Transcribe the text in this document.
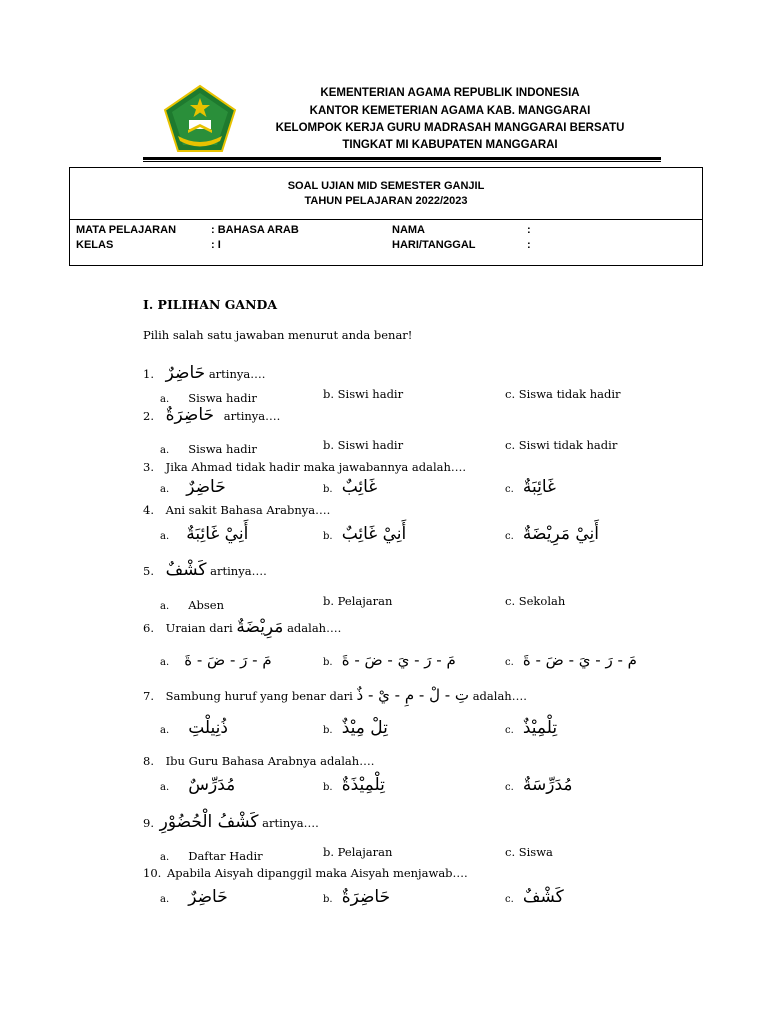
KEMENTERIAN AGAMA REPUBLIK INDONESIA
KANTOR KEMETERIAN AGAMA KAB. MANGGARAI
KELOMPOK KERJA GURU MADRASAH MANGGARAI BERSATU
TINGKAT MI KABUPATEN MANGGARAI
SOAL UJIAN MID SEMESTER GANJIL
TAHUN PELAJARAN 2022/2023
MATA PELAJARAN	: BAHASA ARAB	NAMA	:
KELAS	: I	HARI/TANGGAL	:
I. PILIHAN GANDA
Pilih salah satu jawaban menurut anda benar!
1. حَاضِرٌ artinya….
a. Siswa hadir	b. Siswi hadir	c. Siswa tidak hadir
2. حَاضِرَةٌ artinya….
a. Siswa hadir	b. Siswi hadir	c. Siswi tidak hadir
3. Jika Ahmad tidak hadir maka jawabannya adalah….
a. حَاضِرٌ	b. غَائِبٌ	c. غَائِبَةٌ
4. Ani sakit Bahasa Arabnya….
a. أَنِيْ غَائِبَةٌ	b. أَنِيْ غَائِبٌ	c. أَنِيْ مَرِيْضَةٌ
5. كَشْفٌ artinya….
a. Absen	b. Pelajaran	c. Sekolah
6. Uraian dari مَرِيْضَةٌ adalah….
a. مَ - رَ - ضَ - ةَ	b. مَ - رَ - يَ - ضَ - ةَ	c. مَ - رَ - يَ - ضَ - ةَ
7. Sambung huruf yang benar dari تِ - لْ - مِ - يْ - ذٌ adalah….
a. ذُنِيلْتِ	b. تِلْ مِيْذٌ	c. تِلْمِيْذٌ
8. Ibu Guru Bahasa Arabnya adalah….
a. مُدَرِّسٌ	b. تِلْمِيْذَةٌ	c. مُدَرِّسَةٌ
9. كَشْفُ الْحُضُوْرِ artinya….
a. Daftar Hadir	b. Pelajaran	c. Siswa
10. Apabila Aisyah dipanggil maka Aisyah menjawab….
a. حَاضِرٌ	b. حَاضِرَةٌ	c. كَشْفٌ
